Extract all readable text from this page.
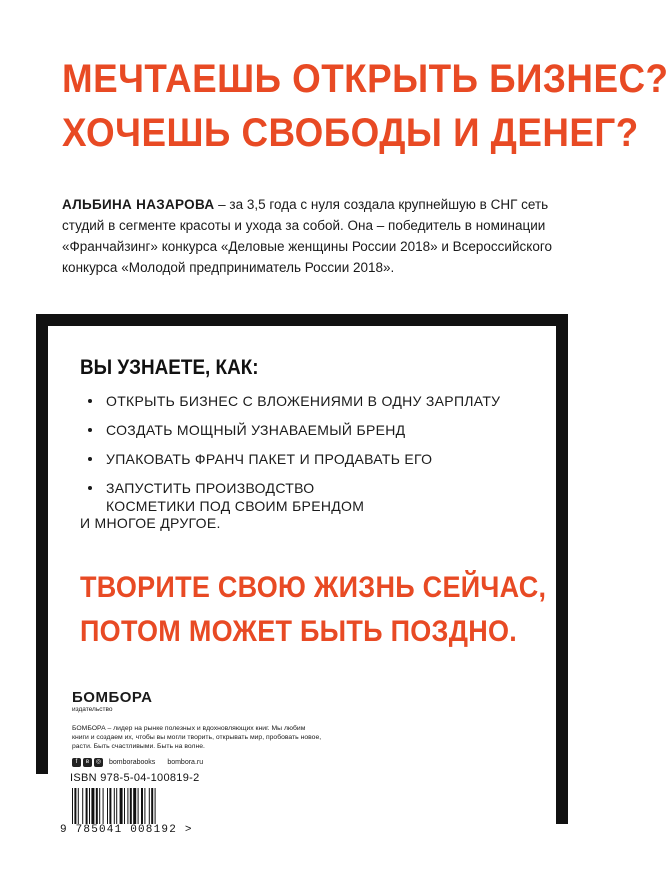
МЕЧТАЕШЬ ОТКРЫТЬ БИЗНЕС?
ХОЧЕШЬ СВОБОДЫ И ДЕНЕГ?
АЛЬБИНА НАЗАРОВА – за 3,5 года с нуля создала крупнейшую в СНГ сеть студий в сегменте красоты и ухода за собой. Она – победитель в номинации «Франчайзинг» конкурса «Деловые женщины России 2018» и Всероссийского конкурса «Молодой предприниматель России 2018».
ВЫ УЗНАЕТЕ, КАК:
ОТКРЫТЬ БИЗНЕС С ВЛОЖЕНИЯМИ В ОДНУ ЗАРПЛАТУ
СОЗДАТЬ МОЩНЫЙ УЗНАВАЕМЫЙ БРЕНД
УПАКОВАТЬ ФРАНЧ ПАКЕТ И ПРОДАВАТЬ ЕГО
ЗАПУСТИТЬ ПРОИЗВОДСТВО КОСМЕТИКИ ПОД СВОИМ БРЕНДОМ
И МНОГОЕ ДРУГОЕ.
ТВОРИТЕ СВОЮ ЖИЗНЬ СЕЙЧАС,
ПОТОМ МОЖЕТ БЫТЬ ПОЗДНО.
БОМБОРА
издательство
БОМБОРА – лидер на рынке полезных и вдохновляющих книг. Мы любим книги и создаем их, чтобы вы могли творить, открывать мир, пробовать новое, расти. Быть счастливыми. Быть на волне.
f	в	◎ bomborabooks bombora.ru
ISBN 978-5-04-100819-2
9 785041 008192 >
